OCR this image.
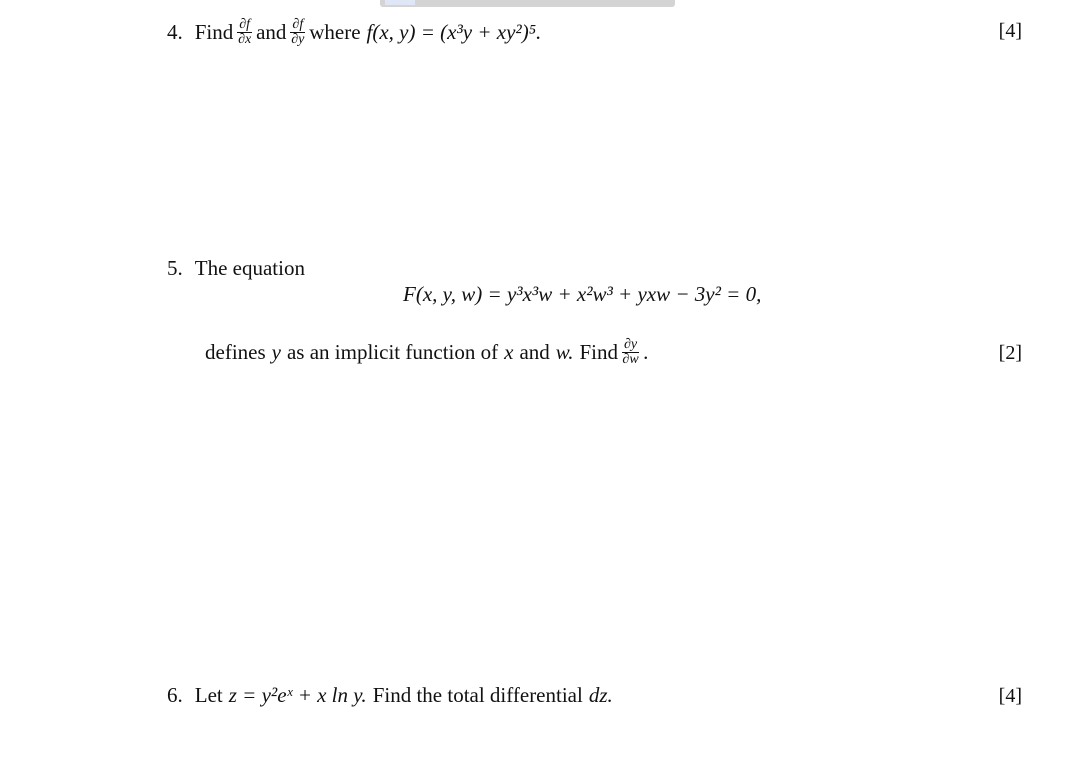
4. Find $\frac{\partial f}{\partial x}$ and $\frac{\partial f}{\partial y}$ where f(x, y) = (x³y + xy²)⁵.	[4]
5. The equation
F(x, y, w) = y³x³w + x²w³ + yxw − 3y² = 0,
defines y as an implicit function of x and w. Find $\frac{\partial y}{\partial w}$ .	[2]
6. Let z = y²eˣ + x ln y. Find the total differential dz.	[4]
